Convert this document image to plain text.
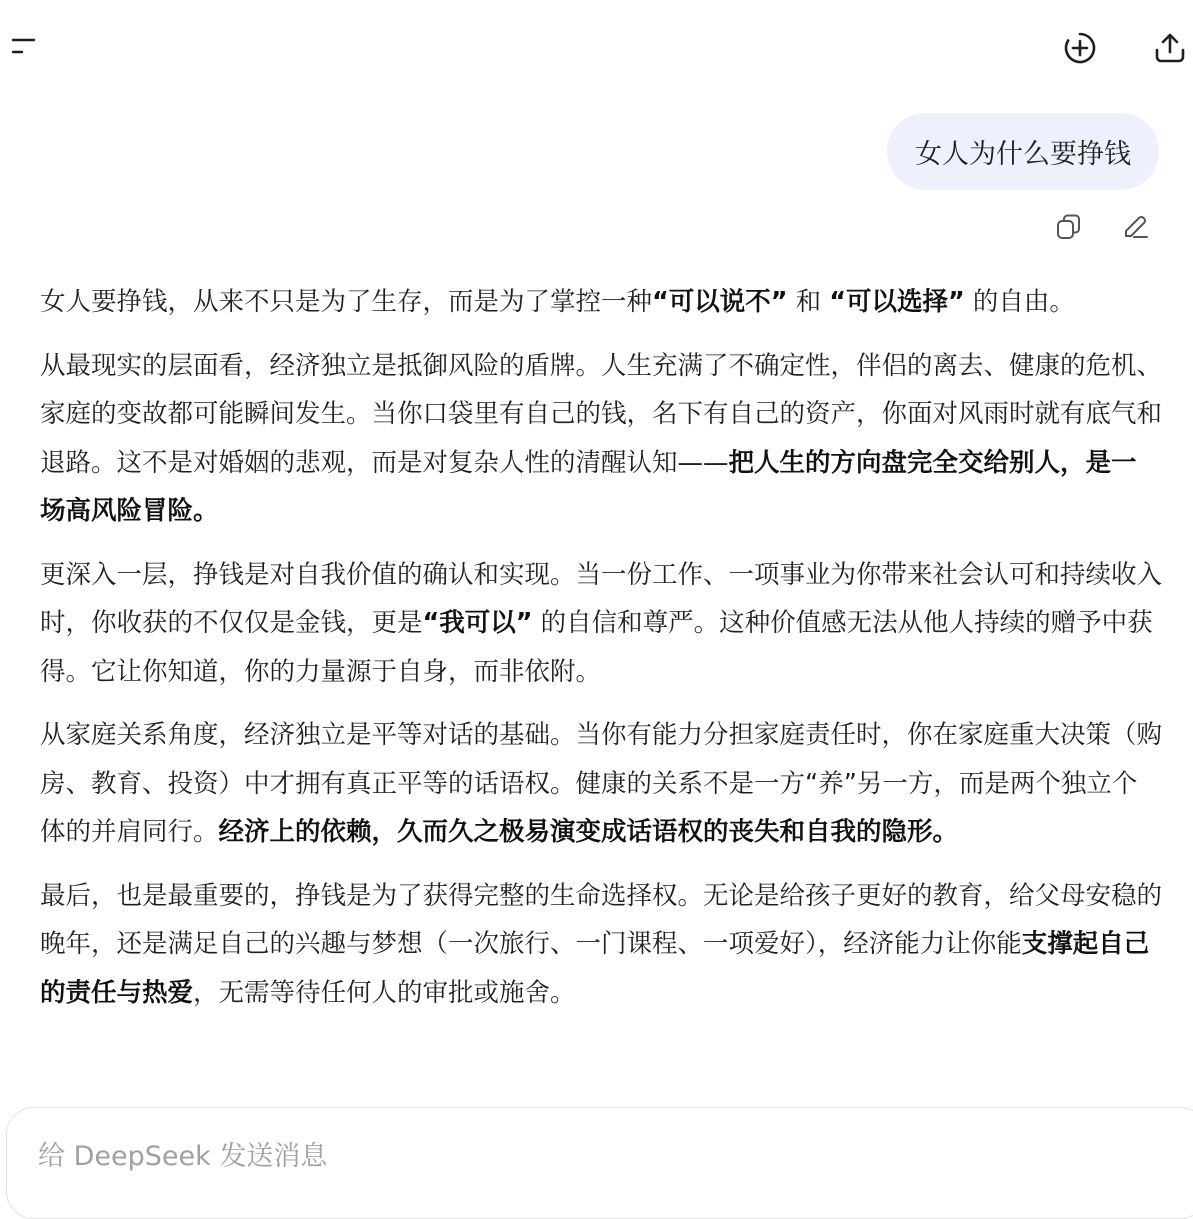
女人为什么要挣钱

女人要挣钱，从来不只是为了生存，而是为了掌控一种“可以说不” 和 “可以选择” 的自由。

从最现实的层面看，经济独立是抵御风险的盾牌。人生充满了不确定性，伴侣的离去、健康的危机、家庭的变故都可能瞬间发生。当你口袋里有自己的钱，名下有自己的资产，你面对风雨时就有底气和退路。这不是对婚姻的悲观，而是对复杂人性的清醒认知——把人生的方向盘完全交给别人，是一场高风险冒险。

更深入一层，挣钱是对自我价值的确认和实现。当一份工作、一项事业为你带来社会认可和持续收入时，你收获的不仅仅是金钱，更是“我可以” 的自信和尊严。这种价值感无法从他人持续的赠予中获得。它让你知道，你的力量源于自身，而非依附。

从家庭关系角度，经济独立是平等对话的基础。当你有能力分担家庭责任时，你在家庭重大决策（购房、教育、投资）中才拥有真正平等的话语权。健康的关系不是一方“养”另一方，而是两个独立个体的并肩同行。经济上的依赖，久而久之极易演变成话语权的丧失和自我的隐形。

最后，也是最重要的，挣钱是为了获得完整的生命选择权。无论是给孩子更好的教育，给父母安稳的晚年，还是满足自己的兴趣与梦想（一次旅行、一门课程、一项爱好），经济能力让你能支撑起自己的责任与热爱，无需等待任何人的审批或施舍。

给 DeepSeek 发送消息
